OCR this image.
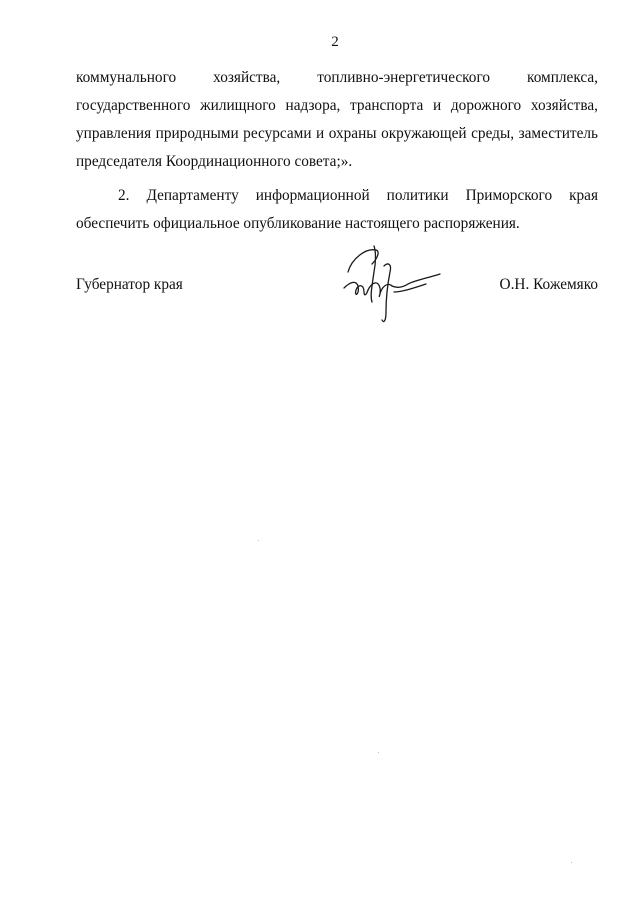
2

коммунального хозяйства, топливно-энергетического комплекса,
государственного жилищного надзора, транспорта и дорожного хозяйства,
управления природными ресурсами и охраны окружающей среды, заместитель
председателя Координационного совета;».

2. Департаменту информационной политики Приморского края
обеспечить официальное опубликование настоящего распоряжения.

Губернатор края	О.Н. Кожемяко
